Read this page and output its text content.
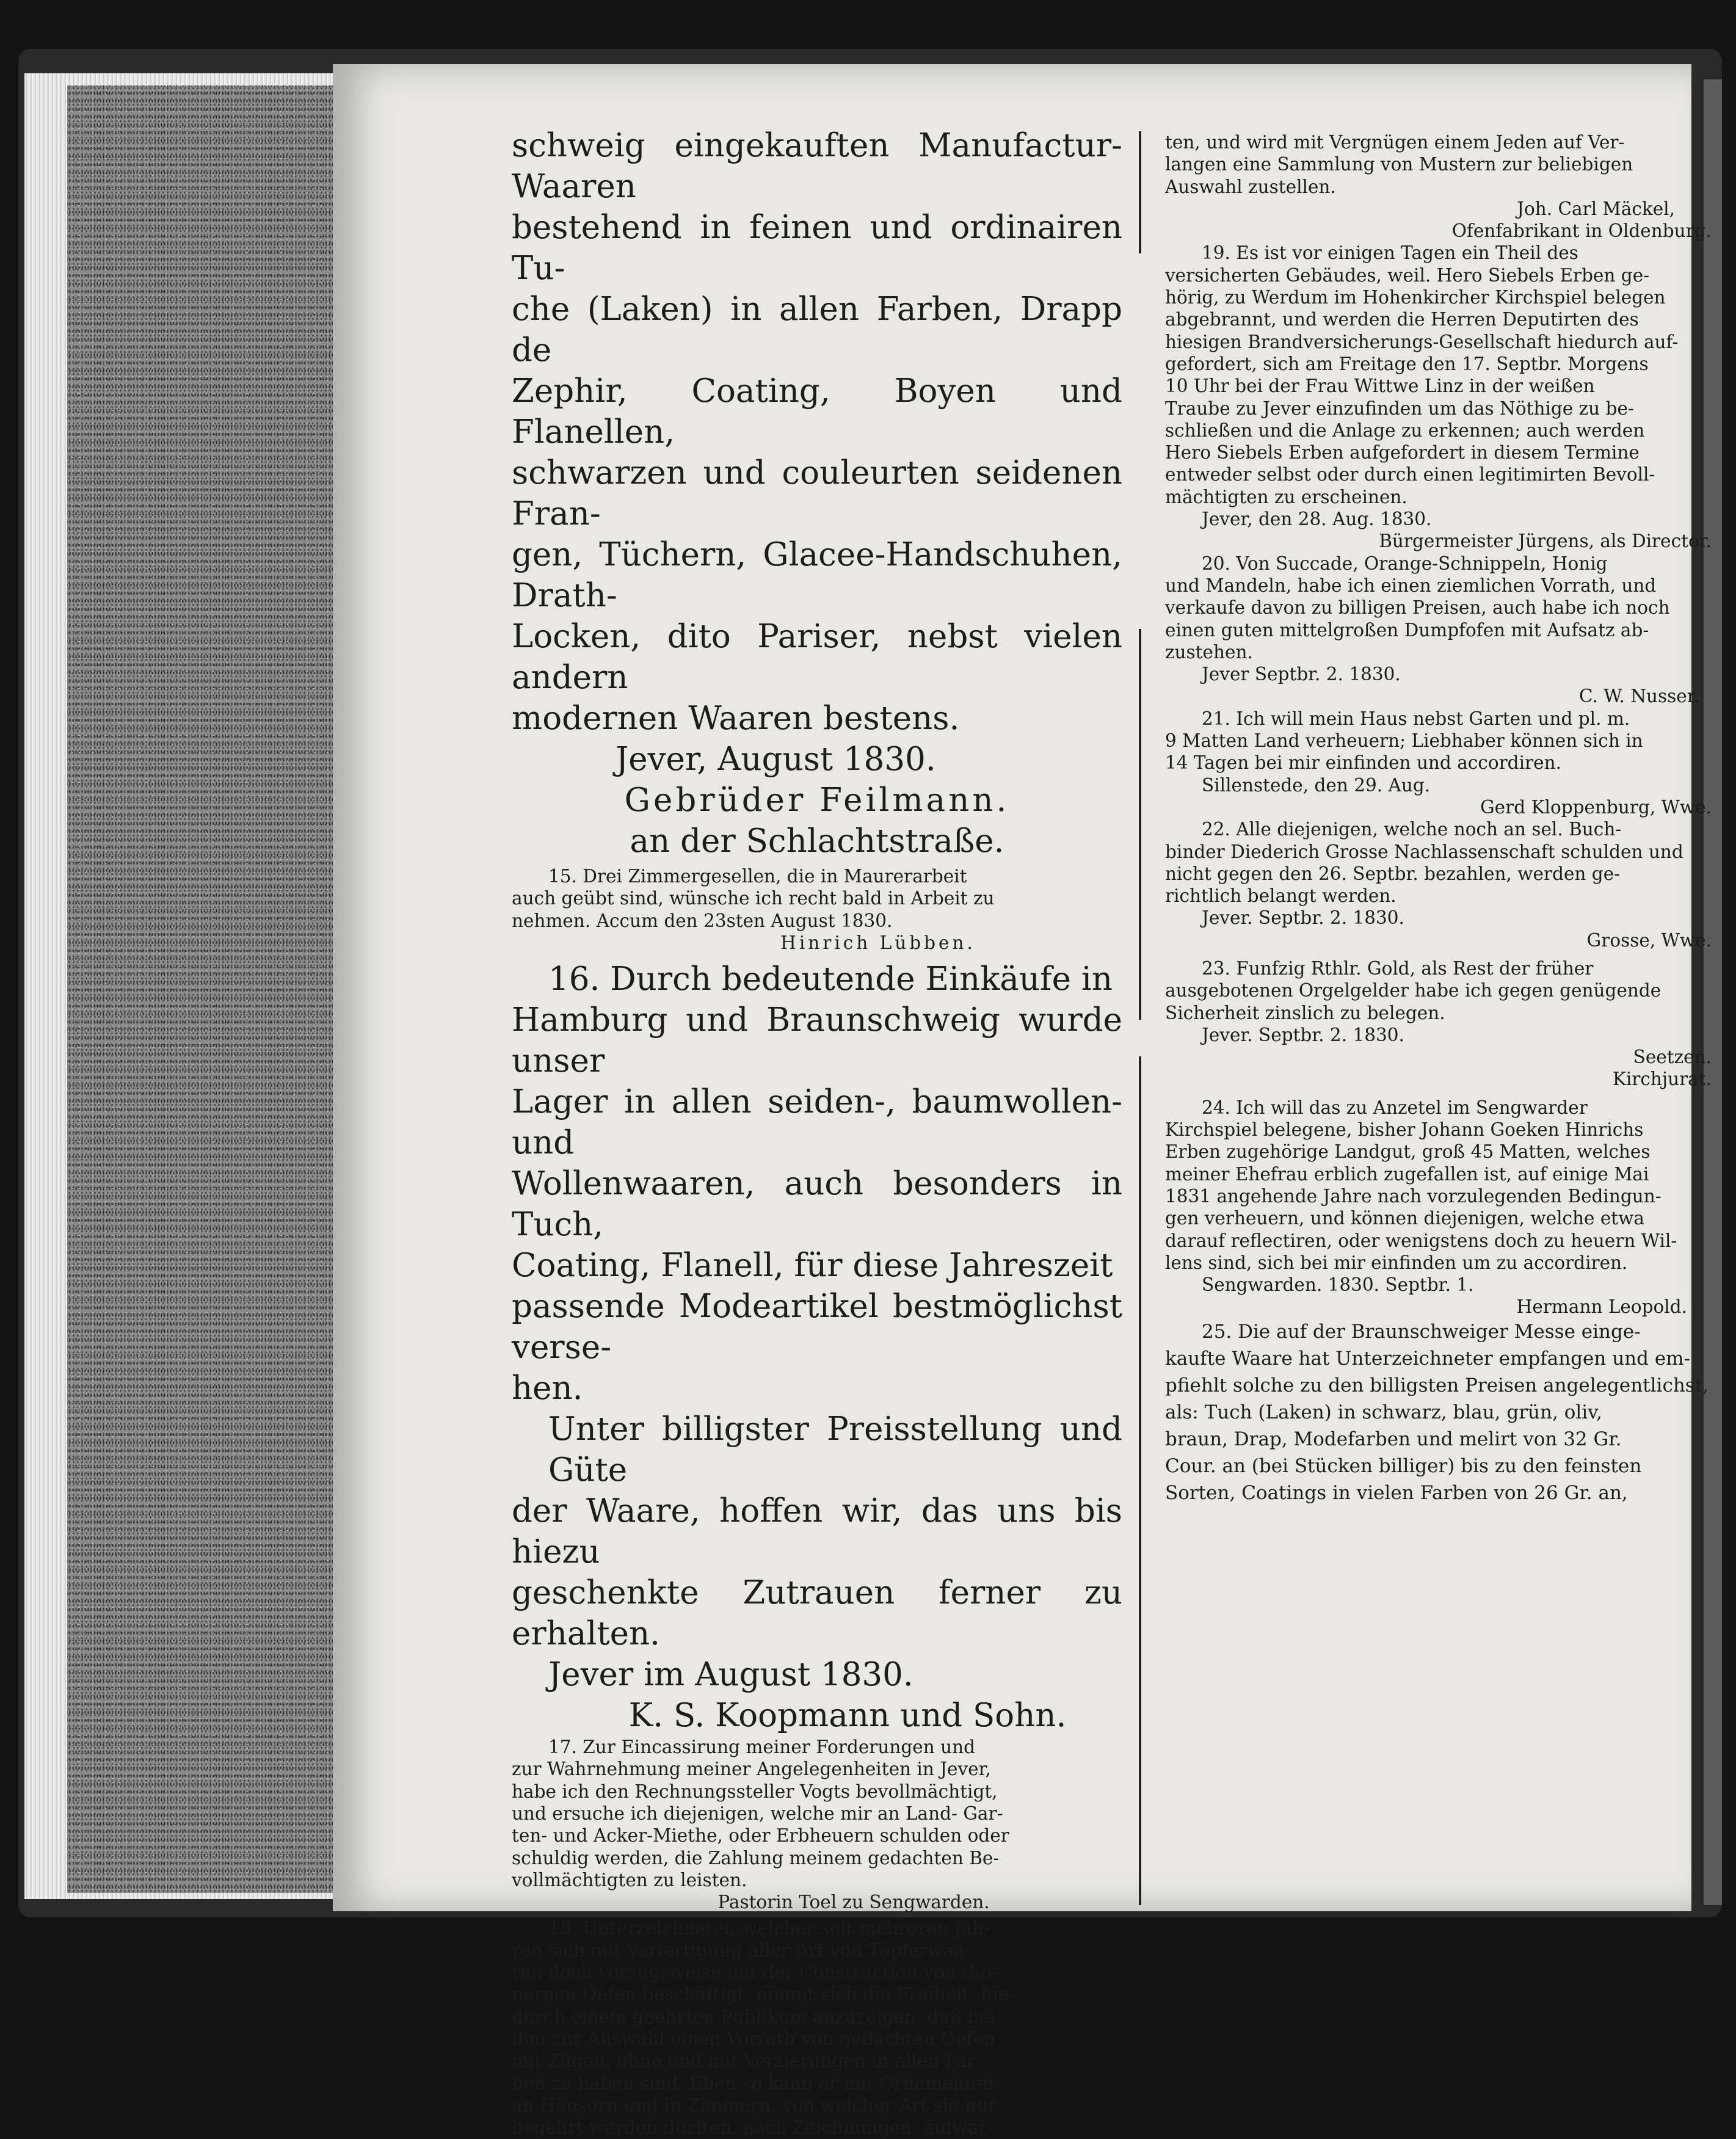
schweig eingekauften Manufactur-Waaren
bestehend in feinen und ordinairen Tu-
che (Laken) in allen Farben, Drapp de
Zephir, Coating, Boyen und Flanellen,
schwarzen und couleurten seidenen Fran-
gen, Tüchern, Glacee-Handschuhen, Drath-
Locken, dito Pariser, nebst vielen andern
modernen Waaren bestens.
Jever, August 1830.
Gebrüder Feilmann.
an der Schlachtstraße.
15. Drei Zimmergesellen, die in Maurerarbeit
auch geübt sind, wünsche ich recht bald in Arbeit zu
nehmen. Accum den 23sten August 1830.
Hinrich Lübben.
16. Durch bedeutende Einkäufe in
Hamburg und Braunschweig wurde unser
Lager in allen seiden-, baumwollen- und
Wollenwaaren, auch besonders in Tuch,
Coating, Flanell, für diese Jahreszeit
passende Modeartikel bestmöglichst verse-
hen.
Unter billigster Preisstellung und Güte
der Waare, hoffen wir, das uns bis hiezu
geschenkte Zutrauen ferner zu erhalten.
Jever im August 1830.
K. S. Koopmann und Sohn.
17. Zur Eincassirung meiner Forderungen und
zur Wahrnehmung meiner Angelegenheiten in Jever,
habe ich den Rechnungssteller Vogts bevollmächtigt,
und ersuche ich diejenigen, welche mir an Land- Gar-
ten- und Acker-Miethe, oder Erbheuern schulden oder
schuldig werden, die Zahlung meinem gedachten Be-
vollmächtigten zu leisten.
Pastorin Toel zu Sengwarden.
18. Unterzeichneter, welcher seit mehreren Jah-
ren sich mit Verfertigung aller Art von Töpferwaa-
ren doch vorzugsweise mit der Construction von thö-
nernen Oefen beschäftigt, nimmt sich die Freiheit, hie-
durch einem geehrten Publikum anzuzeigen, daß bei
ihm zur Auswahl einen Vorrath von gedachten Oefen
mit Zügen, ohne und mit Verzierungen in allen Far-
ben zu haben sind. Eben so kann er mit Ornamenten
an Häusern und in Zimmern, von welcher Art sie nur
begehrt werden dürften, nach Zeichnungen, aufwar-
ten, und wird mit Vergnügen einem Jeden auf Ver-
langen eine Sammlung von Mustern zur beliebigen
Auswahl zustellen.
Joh. Carl Mäckel,
Ofenfabrikant in Oldenburg.
19. Es ist vor einigen Tagen ein Theil des
versicherten Gebäudes, weil. Hero Siebels Erben ge-
hörig, zu Werdum im Hohenkircher Kirchspiel belegen
abgebrannt, und werden die Herren Deputirten des
hiesigen Brandversicherungs-Gesellschaft hiedurch auf-
gefordert, sich am Freitage den 17. Septbr. Morgens
10 Uhr bei der Frau Wittwe Linz in der weißen
Traube zu Jever einzufinden um das Nöthige zu be-
schließen und die Anlage zu erkennen; auch werden
Hero Siebels Erben aufgefordert in diesem Termine
entweder selbst oder durch einen legitimirten Bevoll-
mächtigten zu erscheinen.
Jever, den 28. Aug. 1830.
Bürgermeister Jürgens, als Director.
20. Von Succade, Orange-Schnippeln, Honig
und Mandeln, habe ich einen ziemlichen Vorrath, und
verkaufe davon zu billigen Preisen, auch habe ich noch
einen guten mittelgroßen Dumpfofen mit Aufsatz ab-
zustehen.
Jever Septbr. 2. 1830.
C. W. Nusser.
21. Ich will mein Haus nebst Garten und pl. m.
9 Matten Land verheuern; Liebhaber können sich in
14 Tagen bei mir einfinden und accordiren.
Sillenstede, den 29. Aug.
Gerd Kloppenburg, Wwe.
22. Alle diejenigen, welche noch an sel. Buch-
binder Diederich Grosse Nachlassenschaft schulden und
nicht gegen den 26. Septbr. bezahlen, werden ge-
richtlich belangt werden.
Jever. Septbr. 2. 1830.
Grosse, Wwe.
23. Funfzig Rthlr. Gold, als Rest der früher
ausgebotenen Orgelgelder habe ich gegen genügende
Sicherheit zinslich zu belegen.
Jever. Septbr. 2. 1830.
Seetzen.
Kirchjurat.
24. Ich will das zu Anzetel im Sengwarder
Kirchspiel belegene, bisher Johann Goeken Hinrichs
Erben zugehörige Landgut, groß 45 Matten, welches
meiner Ehefrau erblich zugefallen ist, auf einige Mai
1831 angehende Jahre nach vorzulegenden Bedingun-
gen verheuern, und können diejenigen, welche etwa
darauf reflectiren, oder wenigstens doch zu heuern Wil-
lens sind, sich bei mir einfinden um zu accordiren.
Sengwarden. 1830. Septbr. 1.
Hermann Leopold.
25. Die auf der Braunschweiger Messe einge-
kaufte Waare hat Unterzeichneter empfangen und em-
pfiehlt solche zu den billigsten Preisen angelegentlichst,
als: Tuch (Laken) in schwarz, blau, grün, oliv,
braun, Drap, Modefarben und melirt von 32 Gr.
Cour. an (bei Stücken billiger) bis zu den feinsten
Sorten, Coatings in vielen Farben von 26 Gr. an,
